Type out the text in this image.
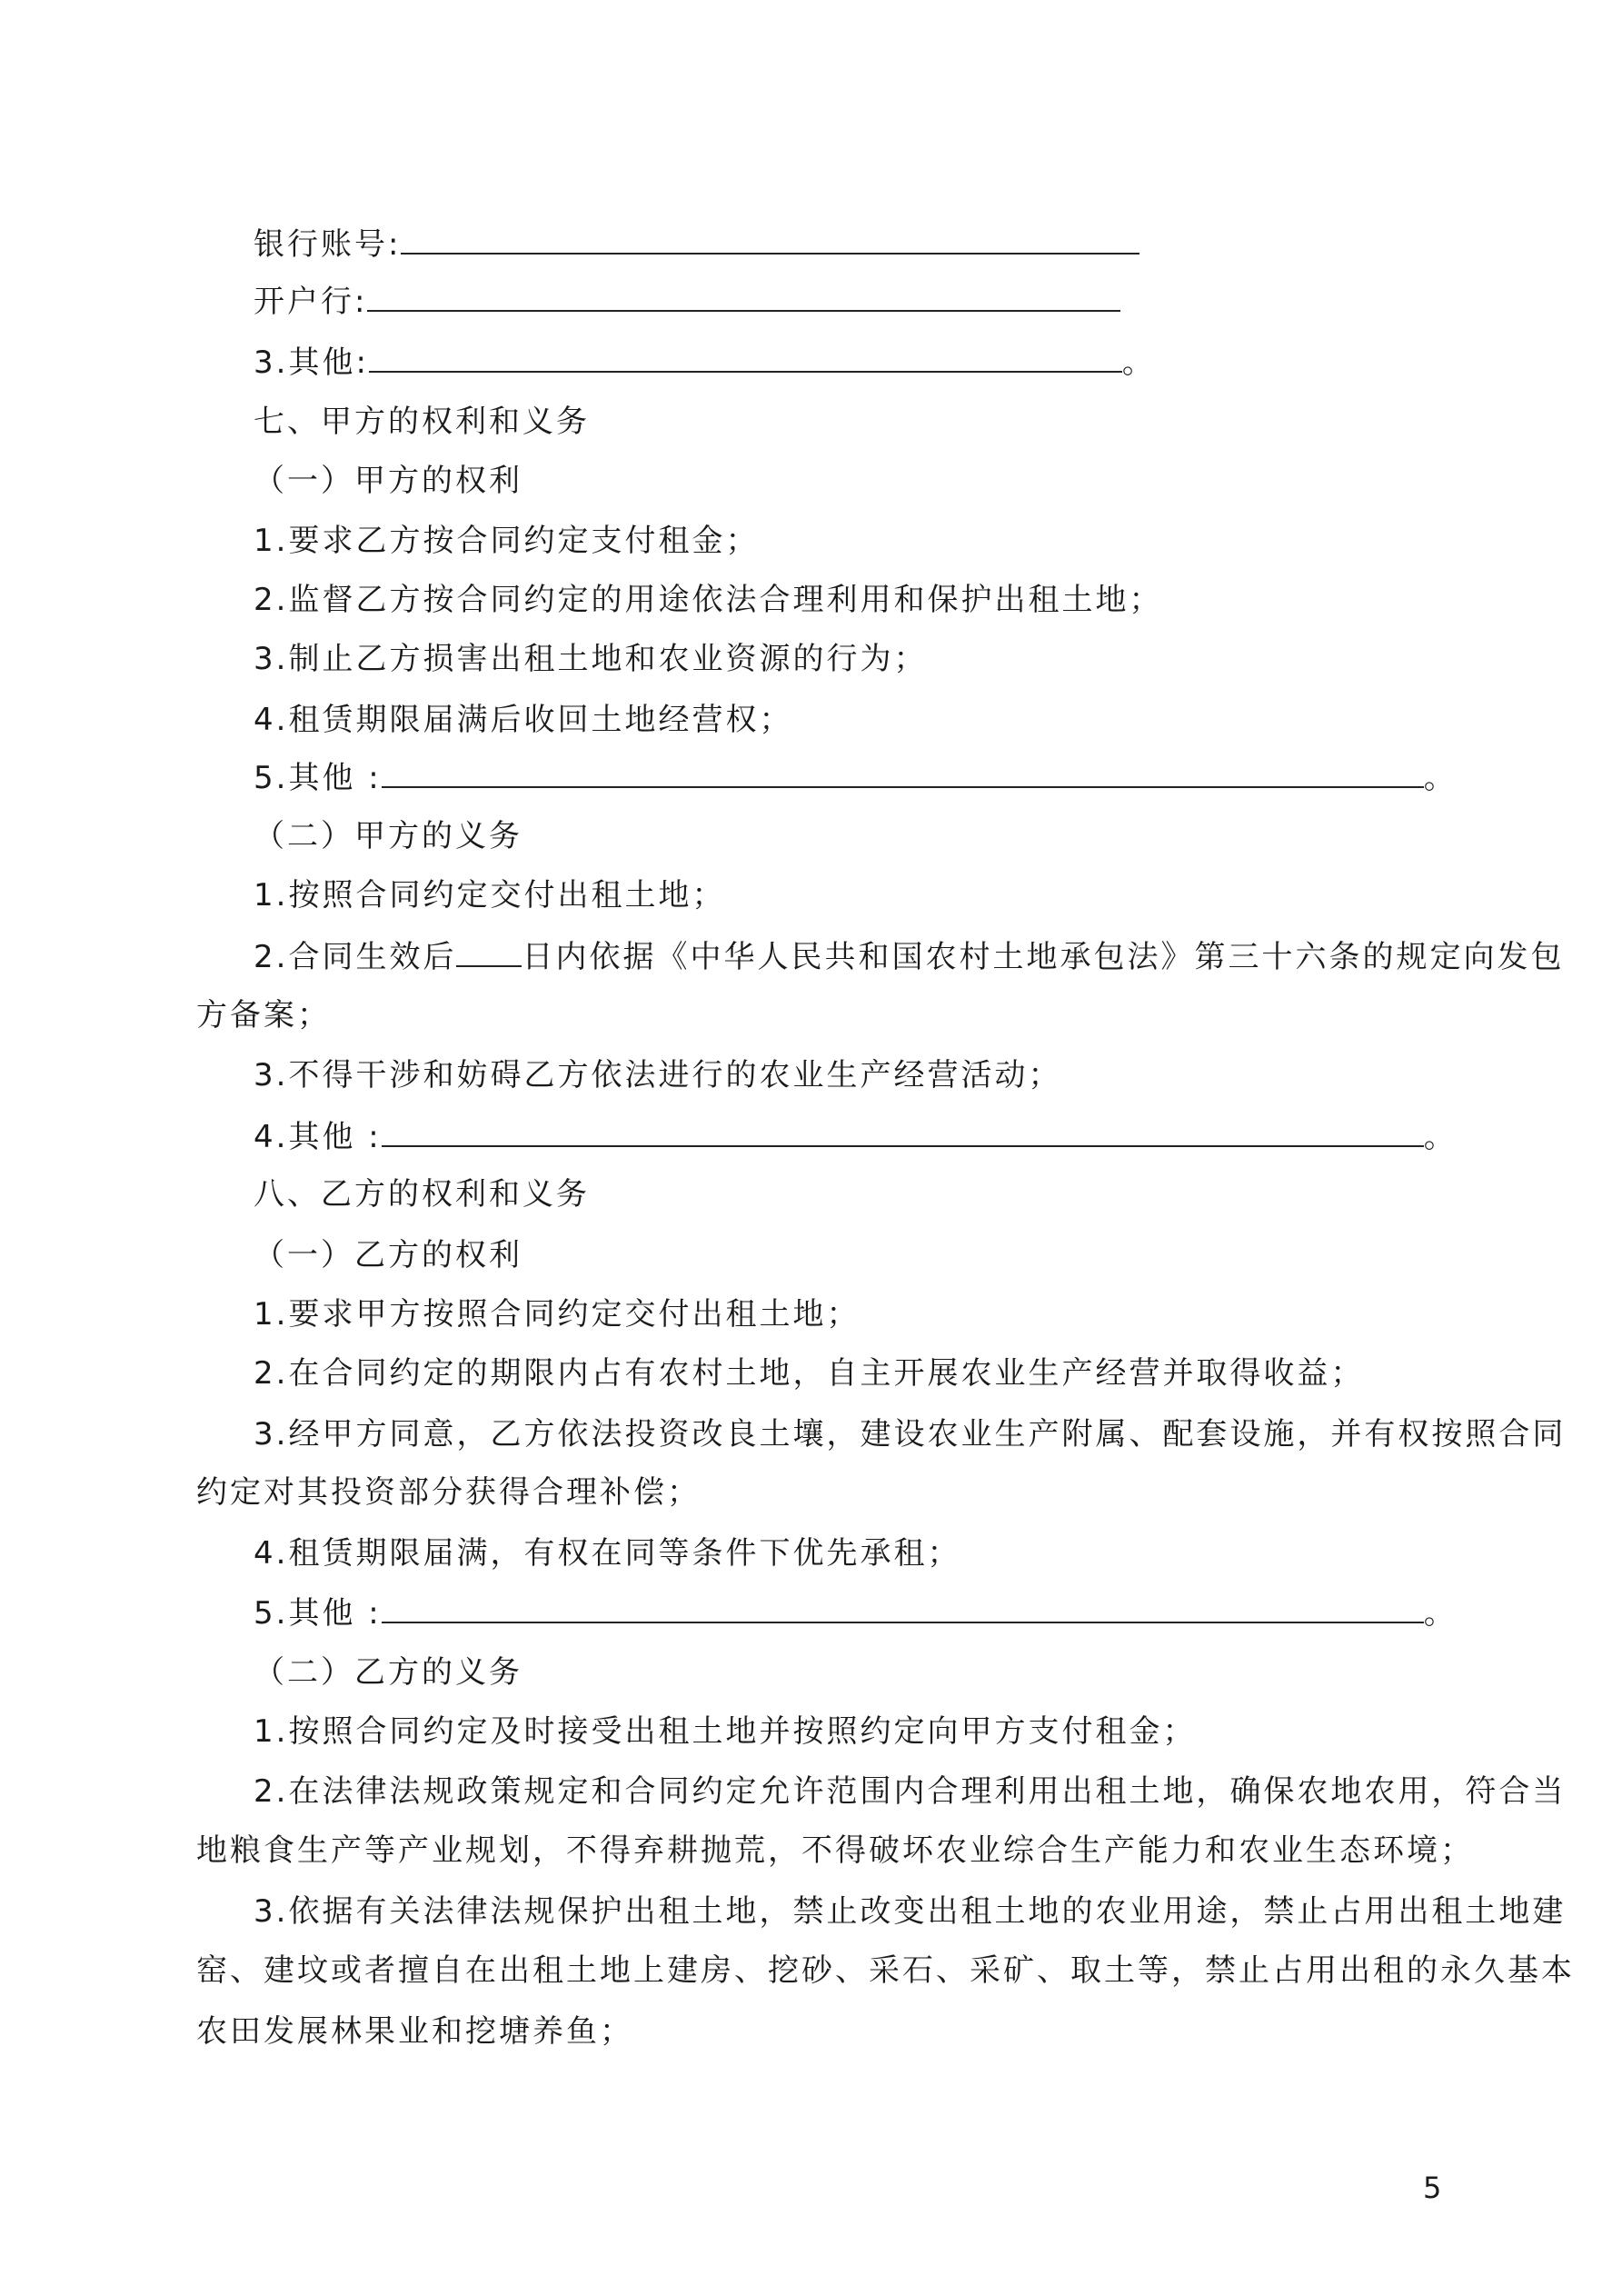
银行账号:
开户行:
3.其他:	。
七、甲方的权利和义务
（一）甲方的权利
1.要求乙方按合同约定支付租金；
2.监督乙方按合同约定的用途依法合理利用和保护出租土地；
3.制止乙方损害出租土地和农业资源的行为；
4.租赁期限届满后收回土地经营权；
5.其他 :	。
（二）甲方的义务
1.按照合同约定交付出租土地；
2.合同生效后 日内依据《中华人民共和国农村土地承包法》第三十六条的规定向发包
方备案；
3.不得干涉和妨碍乙方依法进行的农业生产经营活动；
4.其他 :	。
八、乙方的权利和义务
（一）乙方的权利
1.要求甲方按照合同约定交付出租土地；
2.在合同约定的期限内占有农村土地，自主开展农业生产经营并取得收益；
3.经甲方同意，乙方依法投资改良土壤，建设农业生产附属、配套设施，并有权按照合同
约定对其投资部分获得合理补偿；
4.租赁期限届满，有权在同等条件下优先承租；
5.其他 :	。
（二）乙方的义务
1.按照合同约定及时接受出租土地并按照约定向甲方支付租金；
2.在法律法规政策规定和合同约定允许范围内合理利用出租土地，确保农地农用，符合当
地粮食生产等产业规划，不得弃耕抛荒，不得破坏农业综合生产能力和农业生态环境；
3.依据有关法律法规保护出租土地，禁止改变出租土地的农业用途，禁止占用出租土地建
窑、建坟或者擅自在出租土地上建房、挖砂、采石、采矿、取土等，禁止占用出租的永久基本
农田发展林果业和挖塘养鱼；
5
